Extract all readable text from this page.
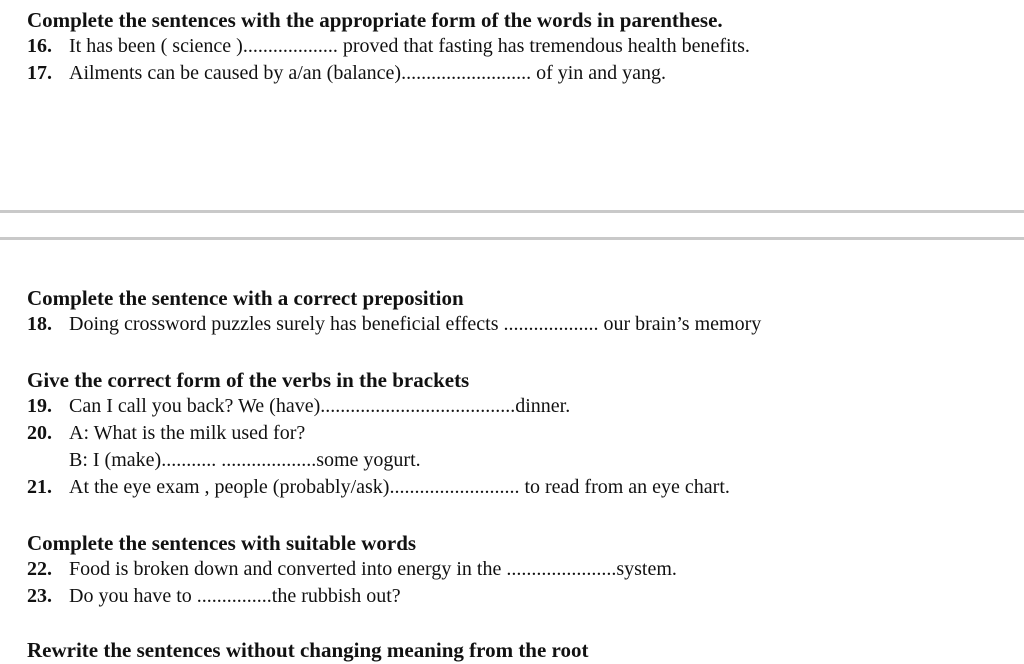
Complete the sentences with the appropriate form of the words in parenthese.
16. It has been ( science )................... proved that fasting has tremendous health benefits.
17. Ailments can be caused by a/an (balance).......................... of yin and yang.
Complete the sentence with a correct preposition
18. Doing crossword puzzles surely has beneficial effects ................... our brain’s memory
Give the correct form of the verbs in the brackets
19. Can I call you back? We (have).......................................dinner.
20. A: What is the milk used for?
B: I (make)........... ...................some yogurt.
21. At the eye exam , people (probably/ask).......................... to read from an eye chart.
Complete the sentences with suitable words
22. Food is broken down and converted into energy in the ......................system.
23. Do you have to ...............the rubbish out?
Rewrite the sentences without changing meaning from the root
